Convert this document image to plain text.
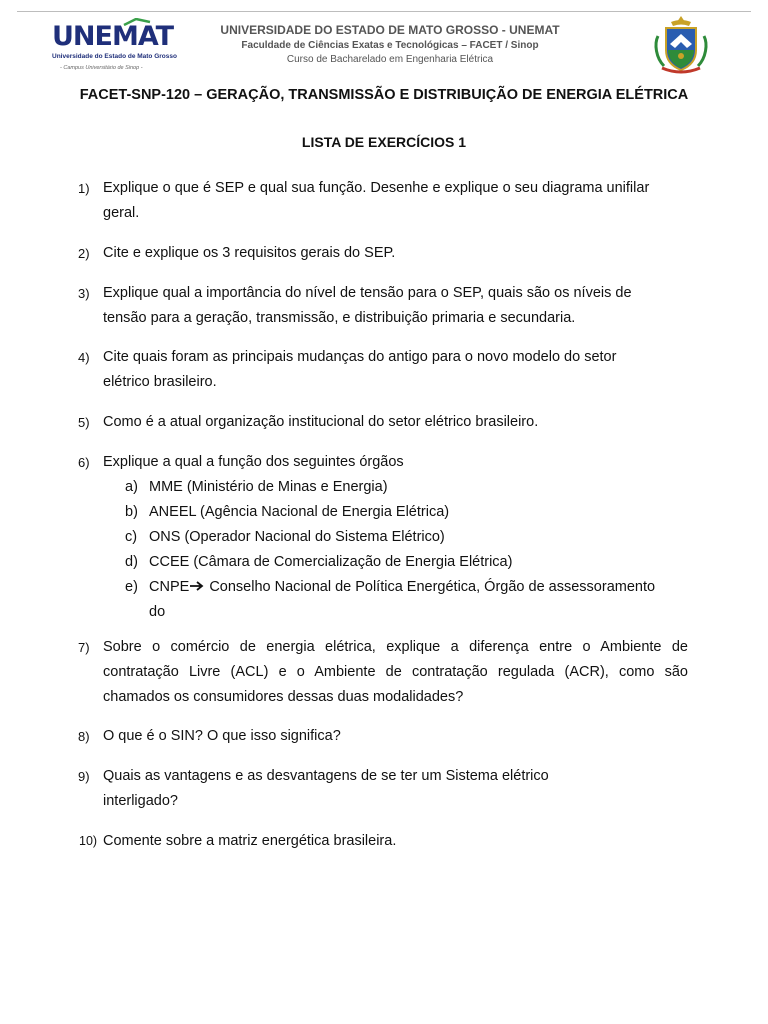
UNEMAT
Universidade do Estado de Mato Grosso
- Campus Universitário de Sinop -
UNIVERSIDADE DO ESTADO DE MATO GROSSO - UNEMAT
Faculdade de Ciências Exatas e Tecnológicas – FACET / Sinop
Curso de Bacharelado em Engenharia Elétrica
FACET-SNP-120 – GERAÇÃO, TRANSMISSÃO E DISTRIBUIÇÃO DE ENERGIA ELÉTRICA
LISTA DE EXERCÍCIOS 1
1) Explique o que é SEP e qual sua função. Desenhe e explique o seu diagrama unifilar
geral.
2) Cite e explique os 3 requisitos gerais do SEP.
3) Explique qual a importância do nível de tensão para o SEP, quais são os níveis de
tensão para a geração, transmissão, e distribuição primaria e secundaria.
4) Cite quais foram as principais mudanças do antigo para o novo modelo do setor
elétrico brasileiro.
5) Como é a atual organização institucional do setor elétrico brasileiro.
6) Explique a qual a função dos seguintes órgãos
a) MME (Ministério de Minas e Energia)
b) ANEEL (Agência Nacional de Energia Elétrica)
c) ONS (Operador Nacional do Sistema Elétrico)
d) CCEE (Câmara de Comercialização de Energia Elétrica)
e) CNPE Conselho Nacional de Política Energética, Órgão de assessoramento
do
7) Sobre o comércio de energia elétrica, explique a diferença entre o Ambiente de
contratação Livre (ACL) e o Ambiente de contratação regulada (ACR), como são
chamados os consumidores dessas duas modalidades?
8) O que é o SIN? O que isso significa?
9) Quais as vantagens e as desvantagens de se ter um Sistema elétrico
interligado?
10) Comente sobre a matriz energética brasileira.
